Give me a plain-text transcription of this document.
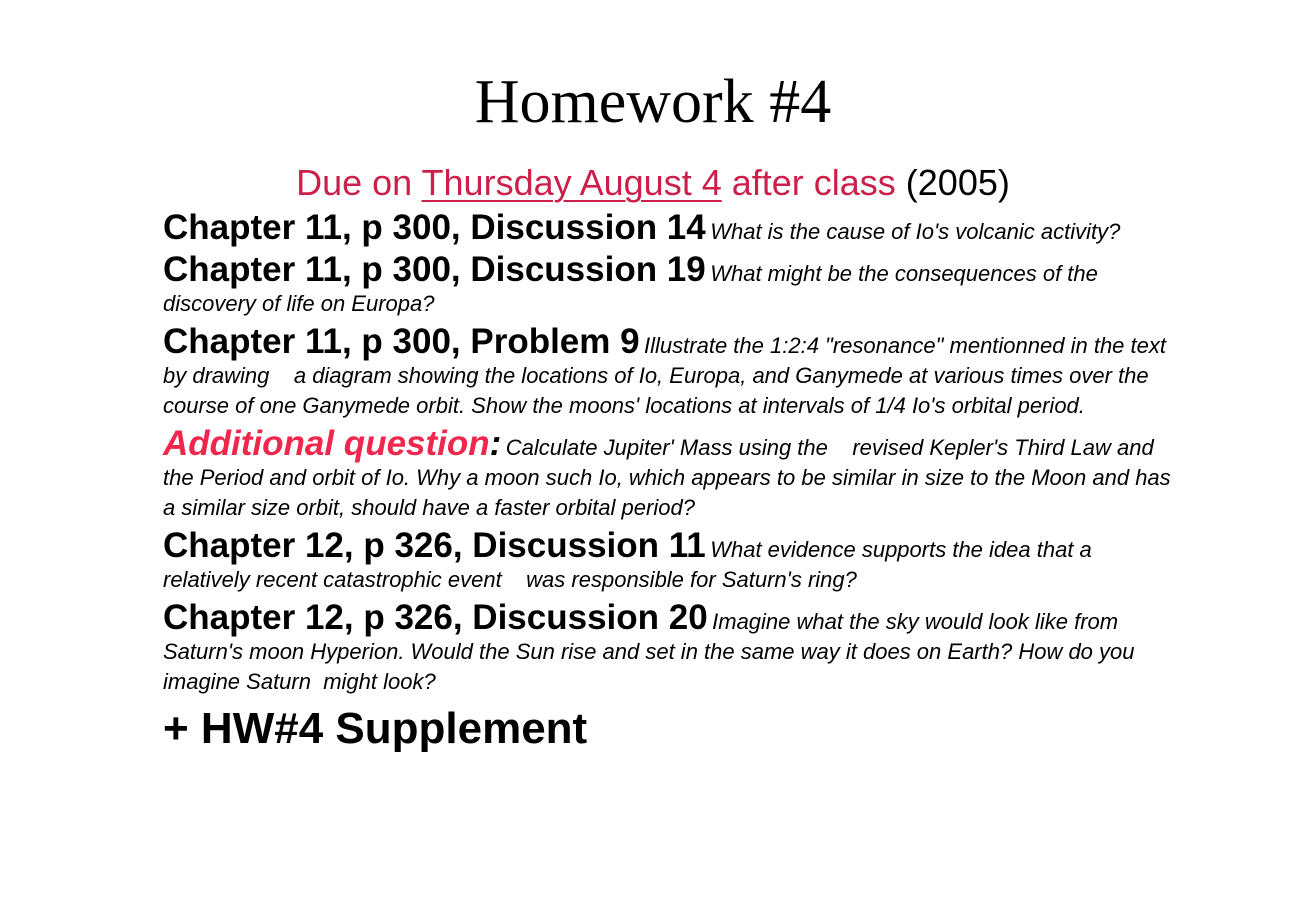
Homework #4

Due on Thursday August 4 after class (2005)

Chapter 11, p 300, Discussion 14 What is the cause of Io's volcanic activity?
Chapter 11, p 300, Discussion 19 What might be the consequences of the discovery of life on Europa?
Chapter 11, p 300, Problem 9 Illustrate the 1:2:4 "resonance" mentionned in the text by drawing    a diagram showing the locations of Io, Europa, and Ganymede at various times over the course of one Ganymede orbit. Show the moons' locations at intervals of 1/4 Io's orbital period.
Additional question: Calculate Jupiter' Mass using the    revised Kepler's Third Law and the Period and orbit of Io. Why a moon such Io, which appears to be similar in size to the Moon and has a similar size orbit, should have a faster orbital period?
Chapter 12, p 326, Discussion 11 What evidence supports the idea that a relatively recent catastrophic event    was responsible for Saturn's ring?
Chapter 12, p 326, Discussion 20 Imagine what the sky would look like from Saturn's moon Hyperion. Would the Sun rise and set in the same way it does on Earth? How do you imagine Saturn  might look?
+ HW#4 Supplement
